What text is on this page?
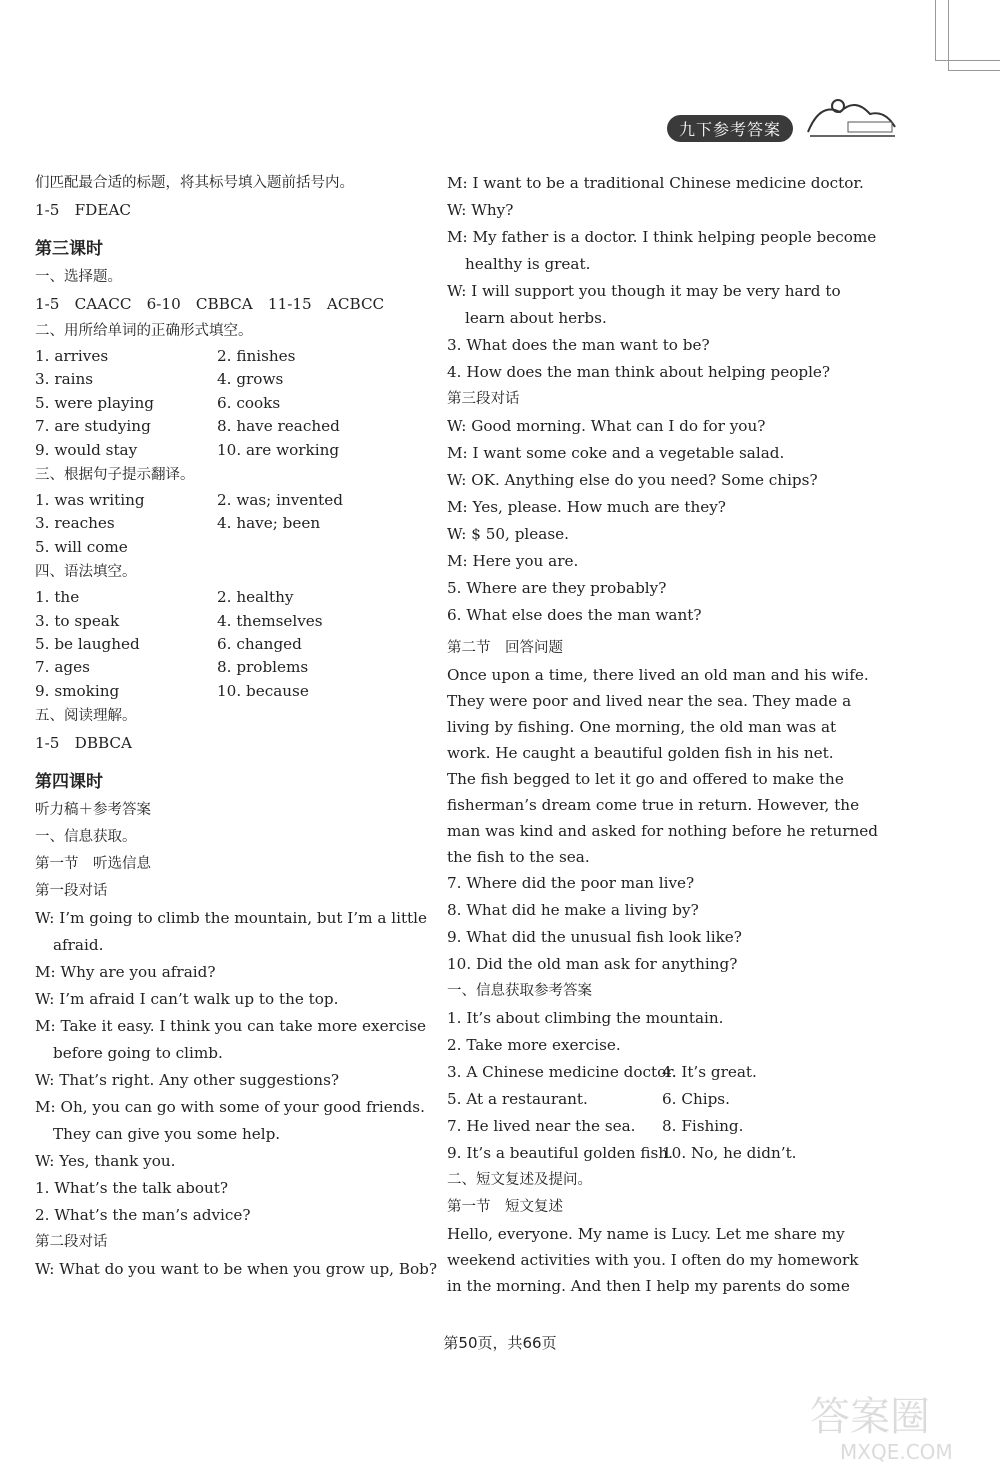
九下参考答案
们匹配最合适的标题，将其标号填入题前括号内。
1-5　FDEAC
第三课时
一、选择题。
1-5　CAACC　6-10　CBBCA　11-15　ACBCC
二、用所给单词的正确形式填空。
1. arrives	2. finishes
3. rains	4. grows
5. were playing	6. cooks
7. are studying	8. have reached
9. would stay	10. are working
三、根据句子提示翻译。
1. was writing	2. was; invented
3. reaches	4. have; been
5. will come
四、语法填空。
1. the	2. healthy
3. to speak	4. themselves
5. be laughed	6. changed
7. ages	8. problems
9. smoking	10. because
五、阅读理解。
1-5　DBBCA
第四课时
听力稿＋参考答案
一、信息获取。
第一节　听选信息
第一段对话
W: I’m going to climb the mountain, but I’m a little
afraid.
M: Why are you afraid?
W: I’m afraid I can’t walk up to the top.
M: Take it easy. I think you can take more exercise
before going to climb.
W: That’s right. Any other suggestions?
M: Oh, you can go with some of your good friends.
They can give you some help.
W: Yes, thank you.
1. What’s the talk about?
2. What’s the man’s advice?
第二段对话
W: What do you want to be when you grow up, Bob?
M: I want to be a traditional Chinese medicine doctor.
W: Why?
M: My father is a doctor. I think helping people become
healthy is great.
W: I will support you though it may be very hard to
learn about herbs.
3. What does the man want to be?
4. How does the man think about helping people?
第三段对话
W: Good morning. What can I do for you?
M: I want some coke and a vegetable salad.
W: OK. Anything else do you need? Some chips?
M: Yes, please. How much are they?
W: $ 50, please.
M: Here you are.
5. Where are they probably?
6. What else does the man want?
第二节　回答问题
Once upon a time, there lived an old man and his wife.
They were poor and lived near the sea. They made a
living by fishing. One morning, the old man was at
work. He caught a beautiful golden fish in his net.
The fish begged to let it go and offered to make the
fisherman’s dream come true in return. However, the
man was kind and asked for nothing before he returned
the fish to the sea.
7. Where did the poor man live?
8. What did he make a living by?
9. What did the unusual fish look like?
10. Did the old man ask for anything?
一、信息获取参考答案
1. It’s about climbing the mountain.
2. Take more exercise.
3. A Chinese medicine doctor.
4. It’s great.
5. At a restaurant.	6. Chips.
7. He lived near the sea.	8. Fishing.
9. It’s a beautiful golden fish.
10. No, he didn’t.
二、短文复述及提问。
第一节　短文复述
Hello, everyone. My name is Lucy. Let me share my
weekend activities with you. I often do my homework
in the morning. And then I help my parents do some
第50页，共66页
答案圈
MXQE.COM
